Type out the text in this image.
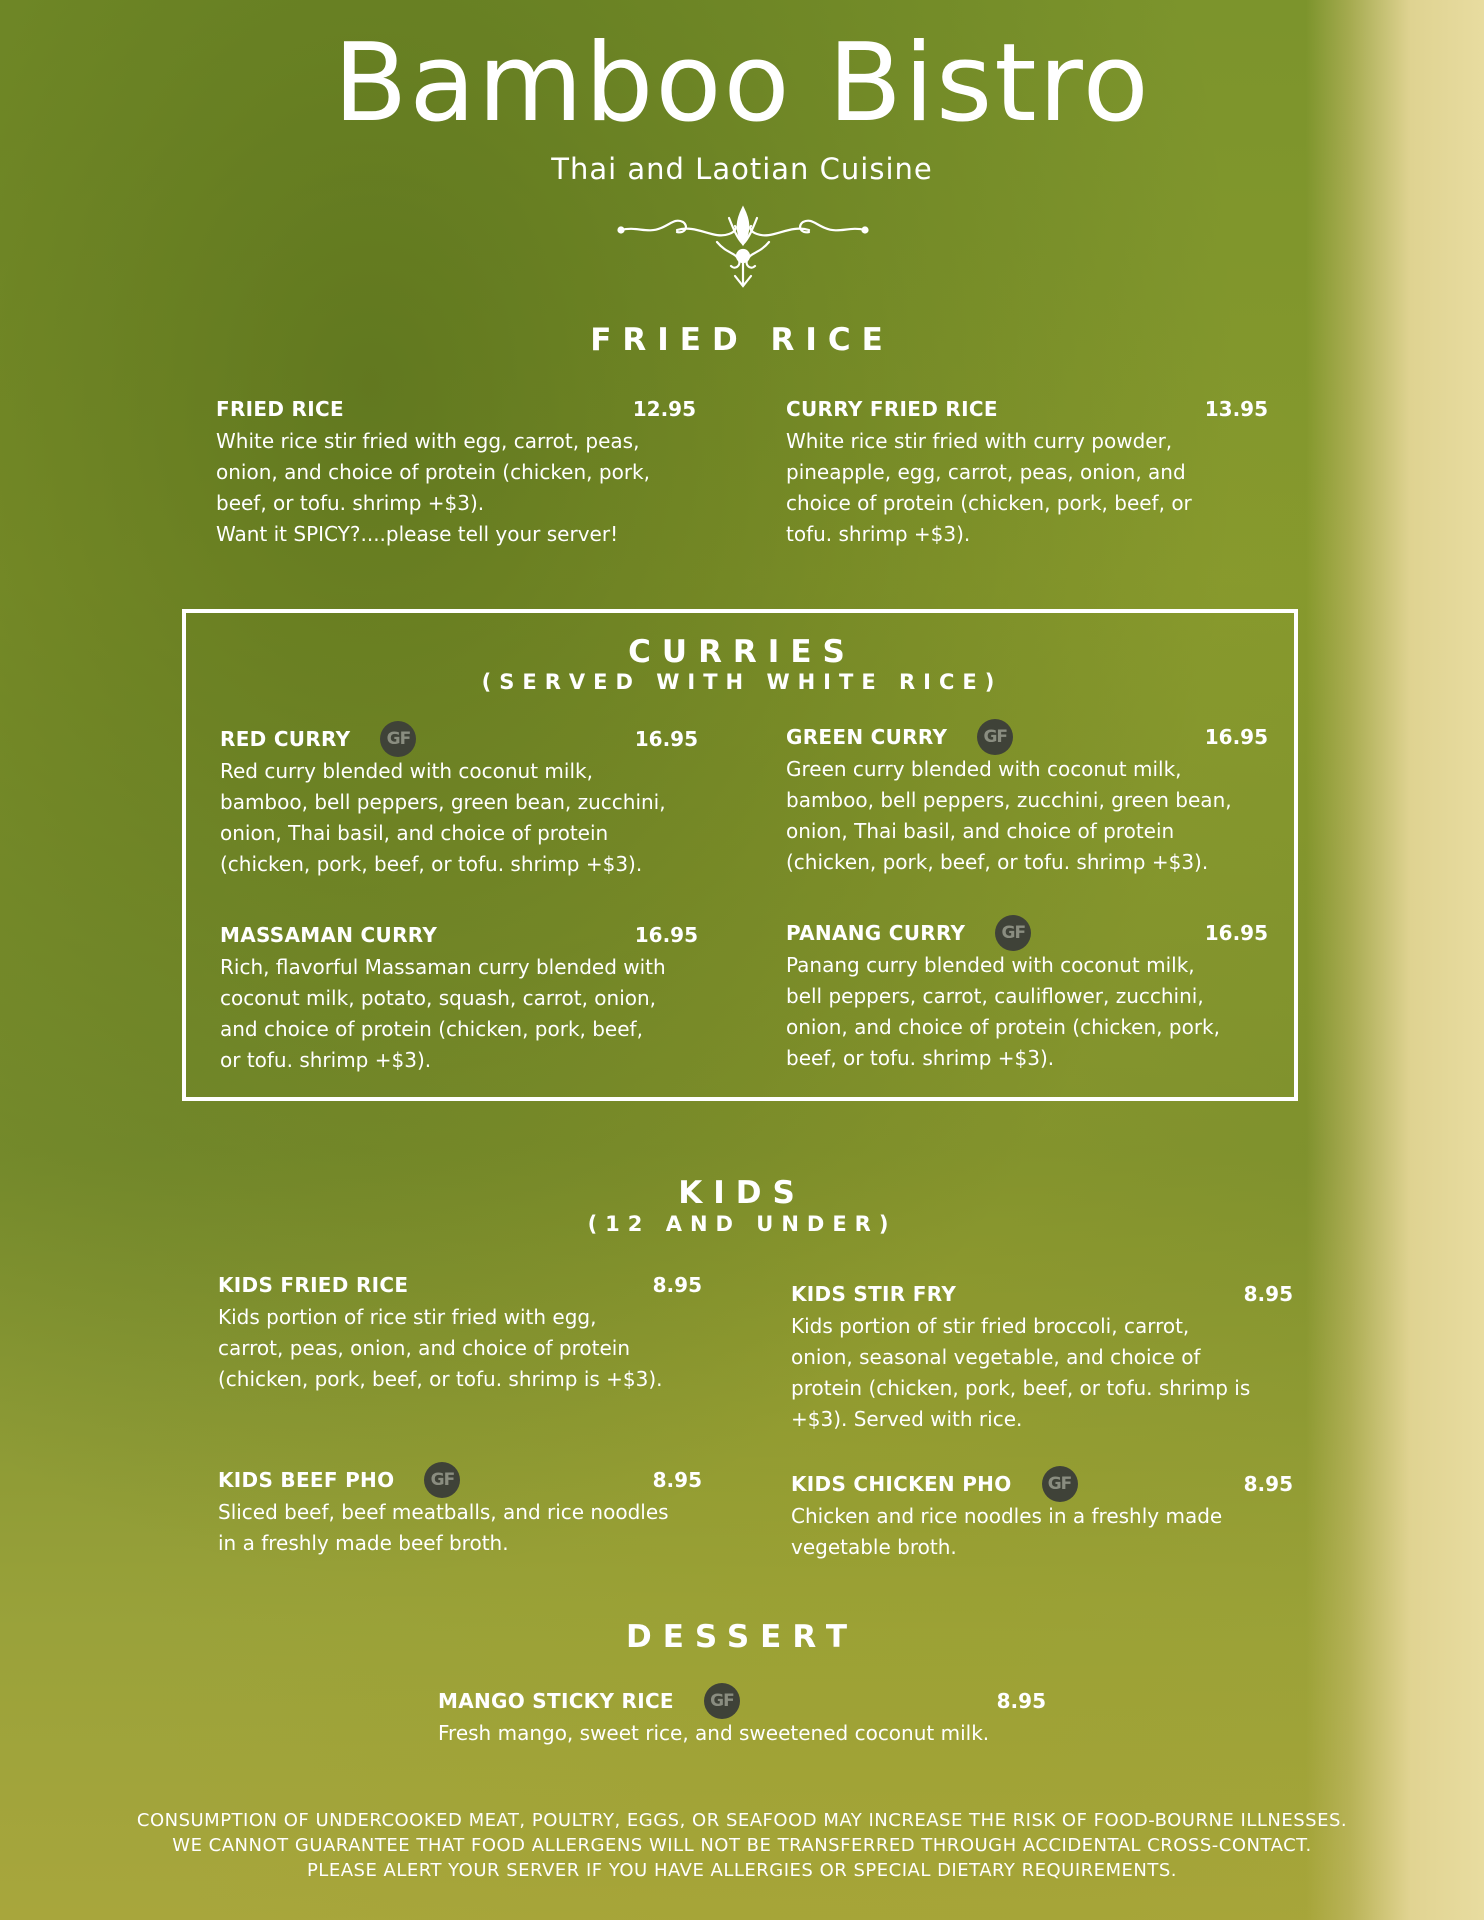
Bamboo Bistro
Thai and Laotian Cuisine
FRIED RICE
FRIED RICE	12.95

White rice stir fried with egg, carrot, peas,
onion, and choice of protein (chicken, pork,
beef, or tofu. shrimp +$3).
Want it SPICY?....please tell your server!

CURRY FRIED RICE	13.95

White rice stir fried with curry powder,
pineapple, egg, carrot, peas, onion, and
choice of protein (chicken, pork, beef, or
tofu. shrimp +$3).

CURRIES
(SERVED WITH WHITE RICE)
RED CURRY	GF	16.95

Red curry blended with coconut milk,
bamboo, bell peppers, green bean, zucchini,
onion, Thai basil, and choice of protein
(chicken, pork, beef, or tofu. shrimp +$3).

GREEN CURRY	GF	16.95

Green curry blended with coconut milk,
bamboo, bell peppers, zucchini, green bean,
onion, Thai basil, and choice of protein
(chicken, pork, beef, or tofu. shrimp +$3).

MASSAMAN CURRY	16.95

Rich, flavorful Massaman curry blended with
coconut milk, potato, squash, carrot, onion,
and choice of protein (chicken, pork, beef,
or tofu. shrimp +$3).

PANANG CURRY	GF	16.95

Panang curry blended with coconut milk,
bell peppers, carrot, cauliflower, zucchini,
onion, and choice of protein (chicken, pork,
beef, or tofu. shrimp +$3).

KIDS
(12 AND UNDER)
KIDS FRIED RICE	8.95

Kids portion of rice stir fried with egg,
carrot, peas, onion, and choice of protein
(chicken, pork, beef, or tofu. shrimp is +$3).

KIDS STIR FRY	8.95

Kids portion of stir fried broccoli, carrot,
onion, seasonal vegetable, and choice of
protein (chicken, pork, beef, or tofu. shrimp is
+$3). Served with rice.

KIDS BEEF PHO	GF	8.95

Sliced beef, beef meatballs, and rice noodles
in a freshly made beef broth.

KIDS CHICKEN PHO	GF	8.95

Chicken and rice noodles in a freshly made
vegetable broth.

DESSERT
MANGO STICKY RICE	GF	8.95

Fresh mango, sweet rice, and sweetened coconut milk.

CONSUMPTION OF UNDERCOOKED MEAT, POULTRY, EGGS, OR SEAFOOD MAY INCREASE THE RISK OF FOOD-BOURNE ILLNESSES.
WE CANNOT GUARANTEE THAT FOOD ALLERGENS WILL NOT BE TRANSFERRED THROUGH ACCIDENTAL CROSS-CONTACT.
PLEASE ALERT YOUR SERVER IF YOU HAVE ALLERGIES OR SPECIAL DIETARY REQUIREMENTS.
